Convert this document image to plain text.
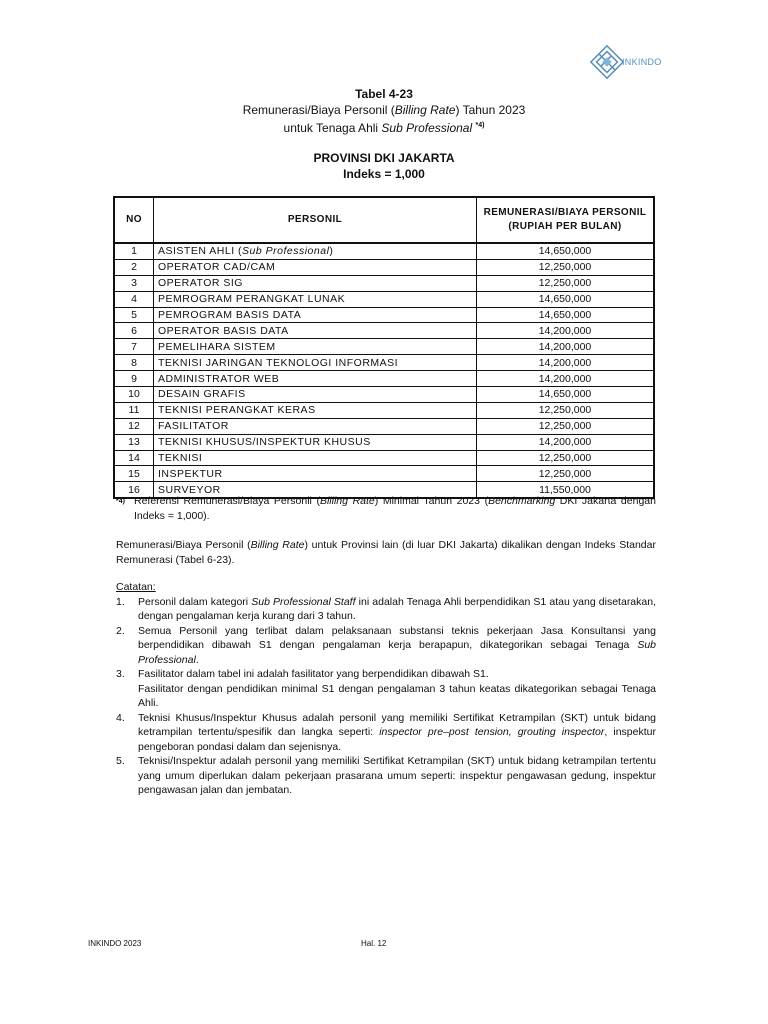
INKINDO
Tabel 4-23
Remunerasi/Biaya Personil (Billing Rate) Tahun 2023
untuk Tenaga Ahli Sub Professional $^{*4)}$
PROVINSI DKI JAKARTA
Indeks = 1,000
NO	PERSONIL	REMUNERASI/BIAYA PERSONIL
(RUPIAH PER BULAN)

1	ASISTEN AHLI (Sub Professional)	14,650,000
2	OPERATOR CAD/CAM	12,250,000
3	OPERATOR SIG	12,250,000
4	PEMROGRAM PERANGKAT LUNAK	14,650,000
5	PEMROGRAM BASIS DATA	14,650,000
6	OPERATOR BASIS DATA	14,200,000
7	PEMELIHARA SISTEM	14,200,000
8	TEKNISI JARINGAN TEKNOLOGI INFORMASI	14,200,000
9	ADMINISTRATOR WEB	14,200,000
10	DESAIN GRAFIS	14,650,000
11	TEKNISI PERANGKAT KERAS	12,250,000
12	FASILITATOR	12,250,000
13	TEKNISI KHUSUS/INSPEKTUR KHUSUS	14,200,000
14	TEKNISI	12,250,000
15	INSPEKTUR	12,250,000
16	SURVEYOR	11,550,000
*4) Referensi Remunerasi/Biaya Personil (Billing Rate) Minimal Tahun 2023 (Benchmarking DKI Jakarta dengan Indeks = 1,000).
Remunerasi/Biaya Personil (Billing Rate) untuk Provinsi lain (di luar DKI Jakarta) dikalikan dengan Indeks Standar Remunerasi (Tabel 6-23).
Catatan:
1. Personil dalam kategori Sub Professional Staff ini adalah Tenaga Ahli berpendidikan S1 atau yang disetarakan, dengan pengalaman kerja kurang dari 3 tahun.
2. Semua Personil yang terlibat dalam pelaksanaan substansi teknis pekerjaan Jasa Konsultansi yang berpendidikan dibawah S1 dengan pengalaman kerja berapapun, dikategorikan sebagai Tenaga Sub Professional.
3. Fasilitator dalam tabel ini adalah fasilitator yang berpendidikan dibawah S1.
Fasilitator dengan pendidikan minimal S1 dengan pengalaman 3 tahun keatas dikategorikan sebagai Tenaga Ahli.
4. Teknisi Khusus/Inspektur Khusus adalah personil yang memiliki Sertifikat Ketrampilan (SKT) untuk bidang ketrampilan tertentu/spesifik dan langka seperti: inspector pre–post tension, grouting inspector, inspektur pengeboran pondasi dalam dan sejenisnya.
5. Teknisi/Inspektur adalah personil yang memiliki Sertifikat Ketrampilan (SKT) untuk bidang ketrampilan tertentu yang umum diperlukan dalam pekerjaan prasarana umum seperti: inspektur pengawasan gedung, inspektur pengawasan jalan dan jembatan.
INKINDO 2023	Hal. 12
